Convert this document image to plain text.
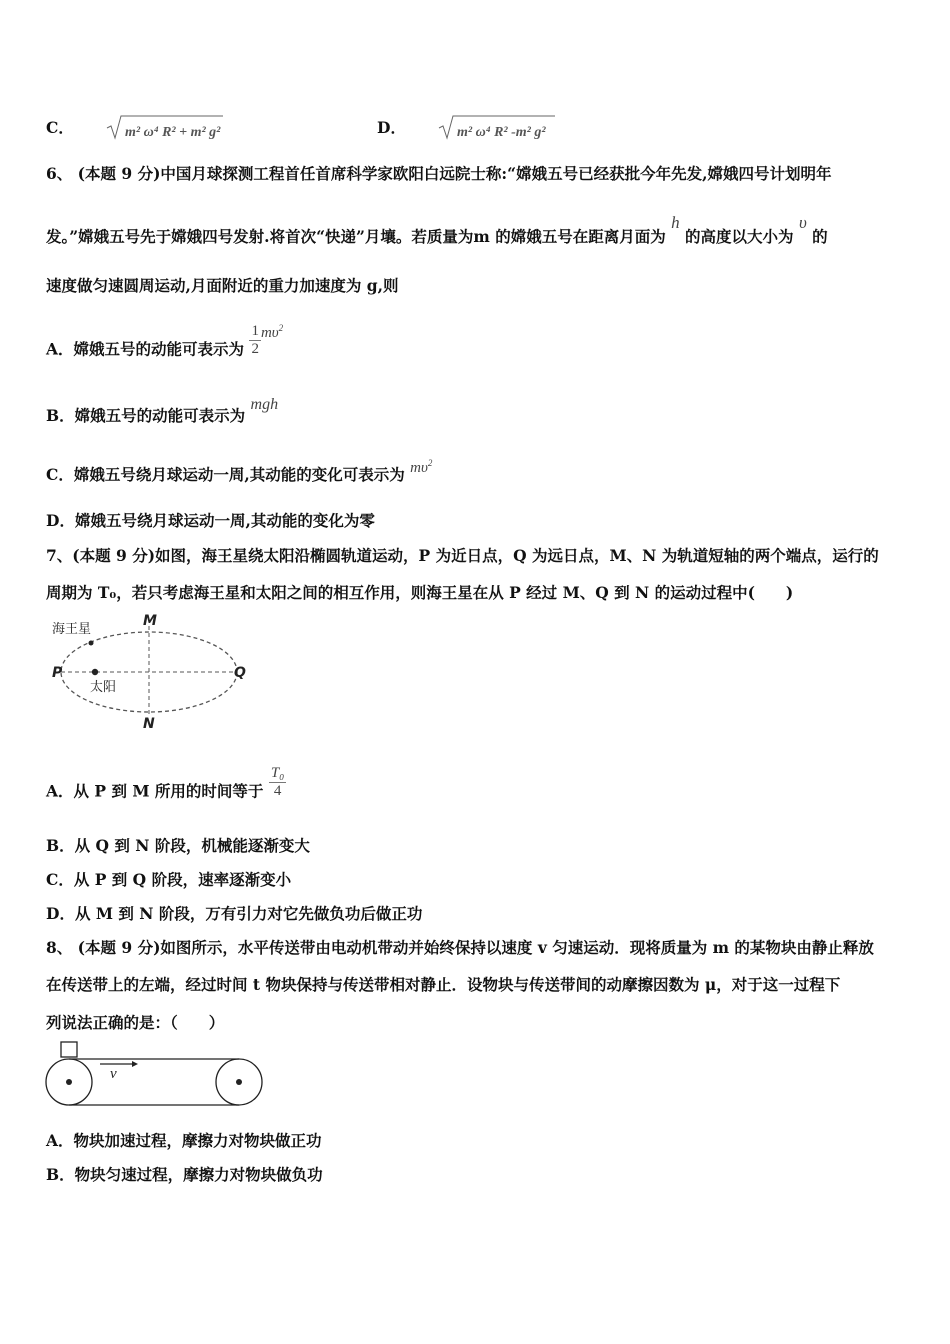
C．	m² ω⁴ R² + m² g²	D．	m² ω⁴ R² -m² g²
6、 (本题 9 分)中国月球探测工程首任首席科学家欧阳白远院士称:“嫦娥五号已经获批今年先发,嫦娥四号计划明年
发。”嫦娥五号先于嫦娥四号发射.将首次“快递”月壤。若质量为m 的嫦娥五号在距离月面为 h 的高度以大小为 υ 的
速度做匀速圆周运动,月面附近的重力加速度为 g,则
A．嫦娥五号的动能可表示为 $\frac{1}{2} m\upsilon^2$
B．嫦娥五号的动能可表示为 mgh
C．嫦娥五号绕月球运动一周,其动能的变化可表示为 $m\upsilon^2$
D．嫦娥五号绕月球运动一周,其动能的变化为零
7、(本题 9 分)如图，海王星绕太阳沿椭圆轨道运动，P 为近日点，Q 为远日点，M、N 为轨道短轴的两个端点，运行的
周期为 T₀，若只考虑海王星和太阳之间的相互作用，则海王星在从 P 经过 M、Q 到 N 的运动过程中(　　)
海王星
太阳
P	Q
M
N
A．从 P 到 M 所用的时间等于 $\frac{\text{T₀}}{4}$
B．从 Q 到 N 阶段，机械能逐渐变大
C．从 P 到 Q 阶段，速率逐渐变小
D．从 M 到 N 阶段，万有引力对它先做负功后做正功
8、 (本题 9 分)如图所示，水平传送带由电动机带动并始终保持以速度 v 匀速运动．现将质量为 m 的某物块由静止释放
在传送带上的左端，经过时间 t 物块保持与传送带相对静止．设物块与传送带间的动摩擦因数为 μ，对于这一过程下
列说法正确的是：（　　）
v
A．物块加速过程，摩擦力对物块做正功
B．物块匀速过程，摩擦力对物块做负功
